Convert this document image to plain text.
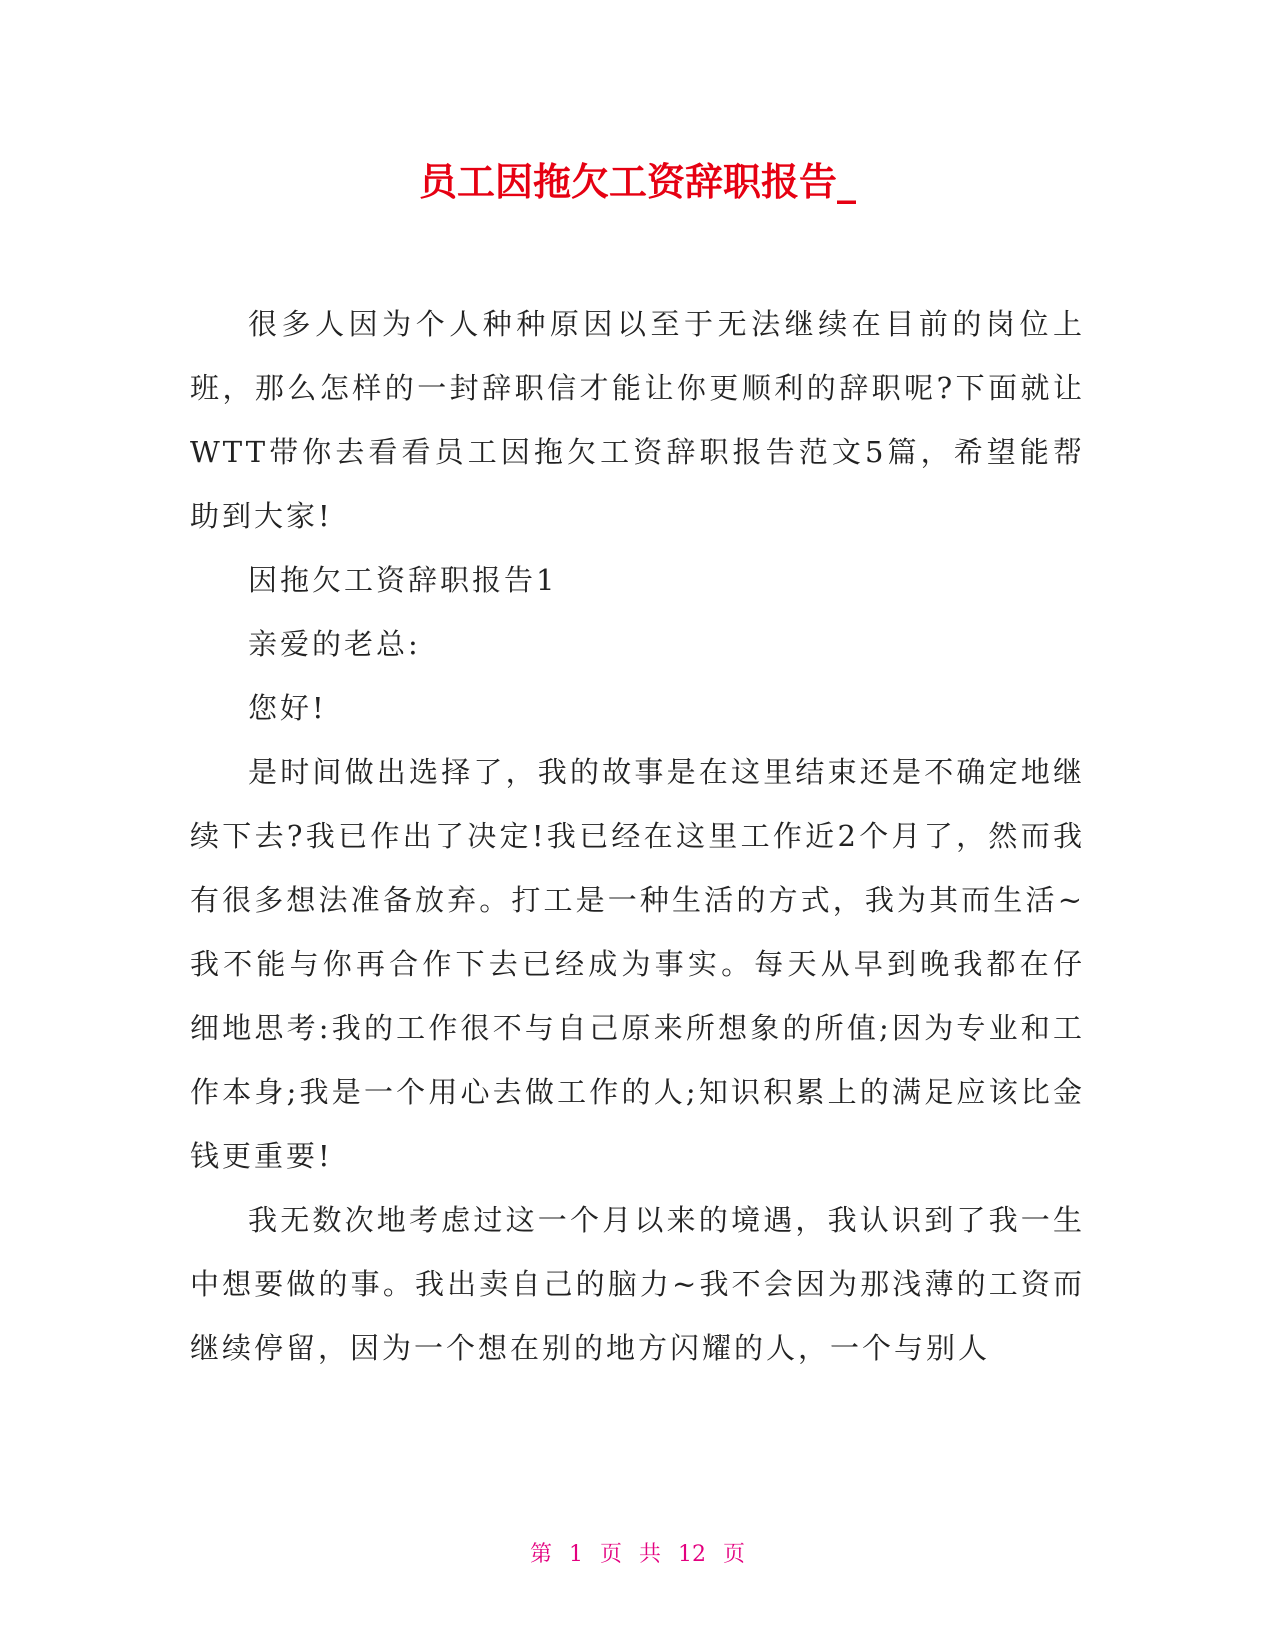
员工因拖欠工资辞职报告_

很多人因为个人种种原因以至于无法继续在目前的岗位上班，那么怎样的一封辞职信才能让你更顺利的辞职呢?下面就让WTT带你去看看员工因拖欠工资辞职报告范文5篇，希望能帮助到大家!

因拖欠工资辞职报告1

亲爱的老总:

您好!

是时间做出选择了，我的故事是在这里结束还是不确定地继续下去?我已作出了决定!我已经在这里工作近2个月了，然而我有很多想法准备放弃。打工是一种生活的方式，我为其而生活~我不能与你再合作下去已经成为事实。每天从早到晚我都在仔细地思考:我的工作很不与自己原来所想象的所值;因为专业和工作本身;我是一个用心去做工作的人;知识积累上的满足应该比金钱更重要!

我无数次地考虑过这一个月以来的境遇，我认识到了我一生中想要做的事。我出卖自己的脑力~我不会因为那浅薄的工资而继续停留，因为一个想在别的地方闪耀的人，一个与别人

第 1 页 共 12 页
